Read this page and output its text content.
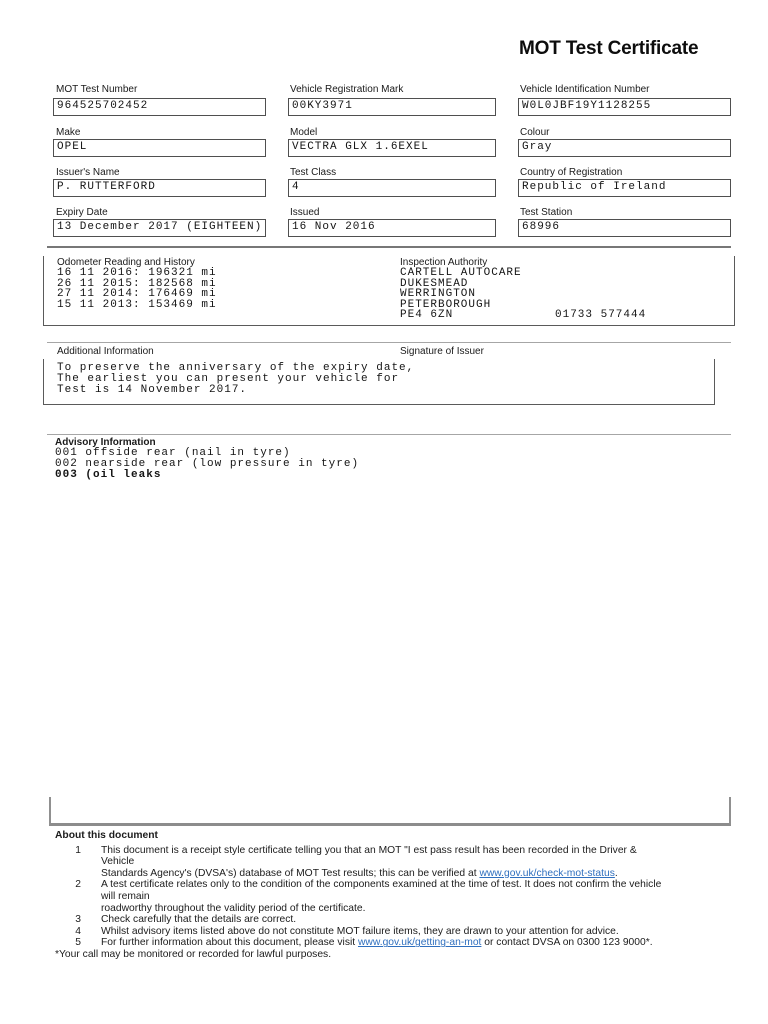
MOT Test Certificate
MOT Test Number
964525702452
Vehicle Registration Mark
00KY3971
Vehicle Identification Number
W0L0JBF19Y1128255
Make
OPEL
Model
VECTRA GLX 1.6EXEL
Colour
Gray
Issuer's Name
P. RUTTERFORD
Test Class
4
Country of Registration
Republic of Ireland
Expiry Date
13 December 2017 (EIGHTEEN)
Issued
16 Nov 2016
Test Station
68996
Odometer Reading and History
16 11 2016: 196321 mi
26 11 2015: 182568 mi
27 11 2014: 176469 mi
15 11 2013: 153469 mi
Inspection Authority
CARTELL AUTOCARE
DUKESMEAD
WERRINGTON
PETERBOROUGH
PE4 6ZN	01733 577444
Additional Information	Signature of Issuer
To preserve the anniversary of the expiry date,
The earliest you can present your vehicle for
Test is 14 November 2017.
Advisory Information
001 offside rear (nail in tyre)
002 nearside rear (low pressure in tyre)
003 (oil leaks
About this document
1 This document is a receipt style certificate telling you that an MOT "I est pass result has been recorded in the Driver &
Vehicle
Standards Agency's (DVSA's) database of MOT Test results; this can be verified at www.gov.uk/check-mot-status.
2 A test certificate relates only to the condition of the components examined at the time of test. It does not confirm the vehicle
will remain
roadworthy throughout the validity period of the certificate.
3 Check carefully that the details are correct.
4 Whilst advisory items listed above do not constitute MOT failure items, they are drawn to your attention for advice.
5 For further information about this document, please visit www.gov.uk/getting-an-mot or contact DVSA on 0300 123 9000*.
*Your call may be monitored or recorded for lawful purposes.
